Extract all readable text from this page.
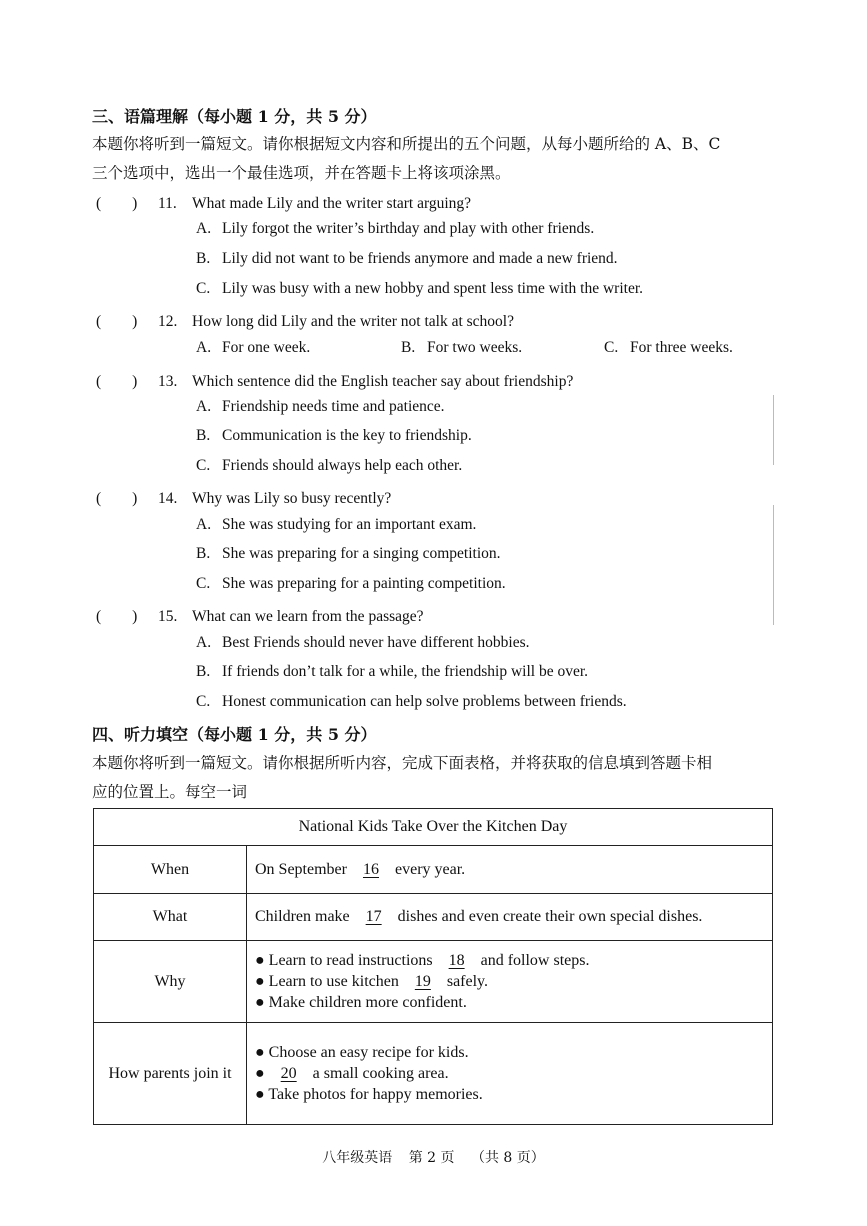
三、语篇理解（每小题 1 分，共 5 分）
本题你将听到一篇短文。请你根据短文内容和所提出的五个问题，从每小题所给的 A、B、C
三个选项中，选出一个最佳选项，并在答题卡上将该项涂黑。
(　　) 11. What made Lily and the writer start arguing?
A. Lily forgot the writer’s birthday and play with other friends.
B. Lily did not want to be friends anymore and made a new friend.
C. Lily was busy with a new hobby and spent less time with the writer.
(　　) 12. How long did Lily and the writer not talk at school?
A. For one week.	B. For two weeks.	C. For three weeks.
(　　) 13. Which sentence did the English teacher say about friendship?
A. Friendship needs time and patience.
B. Communication is the key to friendship.
C. Friends should always help each other.
(　　) 14. Why was Lily so busy recently?
A. She was studying for an important exam.
B. She was preparing for a singing competition.
C. She was preparing for a painting competition.
(　　) 15. What can we learn from the passage?
A. Best Friends should never have different hobbies.
B. If friends don’t talk for a while, the friendship will be over.
C. Honest communication can help solve problems between friends.
四、听力填空（每小题 1 分，共 5 分）
本题你将听到一篇短文。请你根据所听内容，完成下面表格，并将获取的信息填到答题卡相
应的位置上。每空一词
National Kids Take Over the Kitchen Day	
When	On September 16 every year.
What	Children make 17 dishes and even create their own special dishes.
Why	● Learn to read instructions 18 and follow steps.
● Learn to use kitchen 19 safely.
● Make children more confident.

How parents join it	● Choose an easy recipe for kids.
● 20 a small cooking area.
● Take photos for happy memories.
八年级英语 第 2 页 （共 8 页）
